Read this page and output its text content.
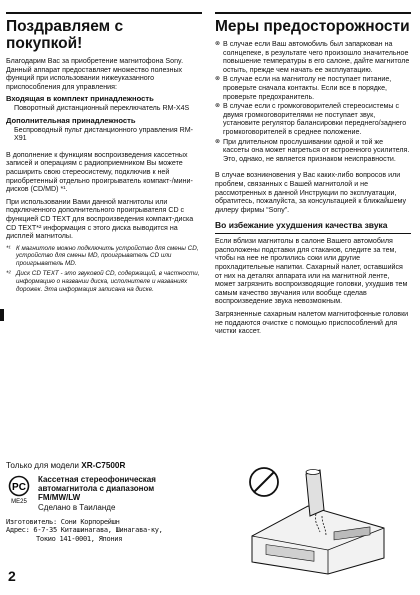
Поздравляем с
покупкой!

Благодарим Вас за приобретение магнитофона Sony. Данный аппарат предоставляет множество полезных функций при использовании нижеуказанного приспособления для управления:

Входящая в комплект принадлежность
Поворотный дистанционный переключатель RM-X4S
Дополнительная принадлежность
Беспроводный пульт дистанционного управления RM-X91

В дополнение к функциям воспроизведения кассетных записей и операциям с радиоприемником Вы можете расширить свою стереосистему, подключив к ней приобретенный отдельно проигрыватель компакт-/мини-дисков (CD/MD) *¹.

При использовании Вами данной магнитолы или подключенного дополнительного проигрывателя CD с функцией CD TEXT для воспроизведения компакт-диска CD TEXT*² информация с этого диска выводится на дисплей магнитолы.

*¹ К магнитоле можно подключить устройство для смены CD, устройство для смены MD, проигрыватель CD или проигрыватель MD.
*² Диск CD TEXT - это звуковой CD, содержащий, в частности, информацию о названии диска, исполнителе и названиях дорожек. Эта информация записана на диске.
Только для модели XR-C7500R
PC
МЕ25
Кассетная стереофоническая
автомагнитола с диапазоном
FM/MW/LW
Сделано в Таиланде
Изготовитель: Сони Корпорейшн
Адрес: 6-7-35 Киташинагава, Шинагава-ку,
Токио 141-0001, Япония
Меры предосторожности
⊗ В случае если Ваш автомобиль был запаркован на солнцепеке, в результате чего произошло значительное повышение температуры в его салоне, дайте магнитоле остыть, прежде чем начать ее эксплуатацию.
⊗ В случае если на магнитолу не поступает питание, проверьте сначала контакты. Если все в порядке, проверьте предохранитель.
⊗ В случае если с громкоговорителей стереосистемы с двумя громкоговорителями не поступает звук, установите регулятор балансировки переднего/заднего громкоговорителей в среднее положение.
⊗ При длительном прослушивании одной и той же кассеты она может нагреться от встроенного усилителя. Это, однако, не является признаком неисправности.

В случае возникновения у Вас каких-либо вопросов или проблем, связанных с Вашей магнитолой и не рассмотренных в данной Инструкции по эксплуатации, обратитесь, пожалуйста, за консультацией к ближайшему дилеру фирмы “Sony”.

Во избежание ухудшения качества звука

Если вблизи магнитолы в салоне Вашего автомобиля расположены подставки для стаканов, следите за тем, чтобы на нее не пролились соки или другие прохладительные напитки. Сахарный налет, оставшийся от них на деталях аппарата или на магнитной ленте, может загрязнить воспроизводящие головки, ухудшив тем самым качество звучания или вообще сделав воспроизведение звука невозможным.

Загрязненные сахарным налетом магнитофонные головки не поддаются очистке с помощью приспособлений для чистки кассет.

2
